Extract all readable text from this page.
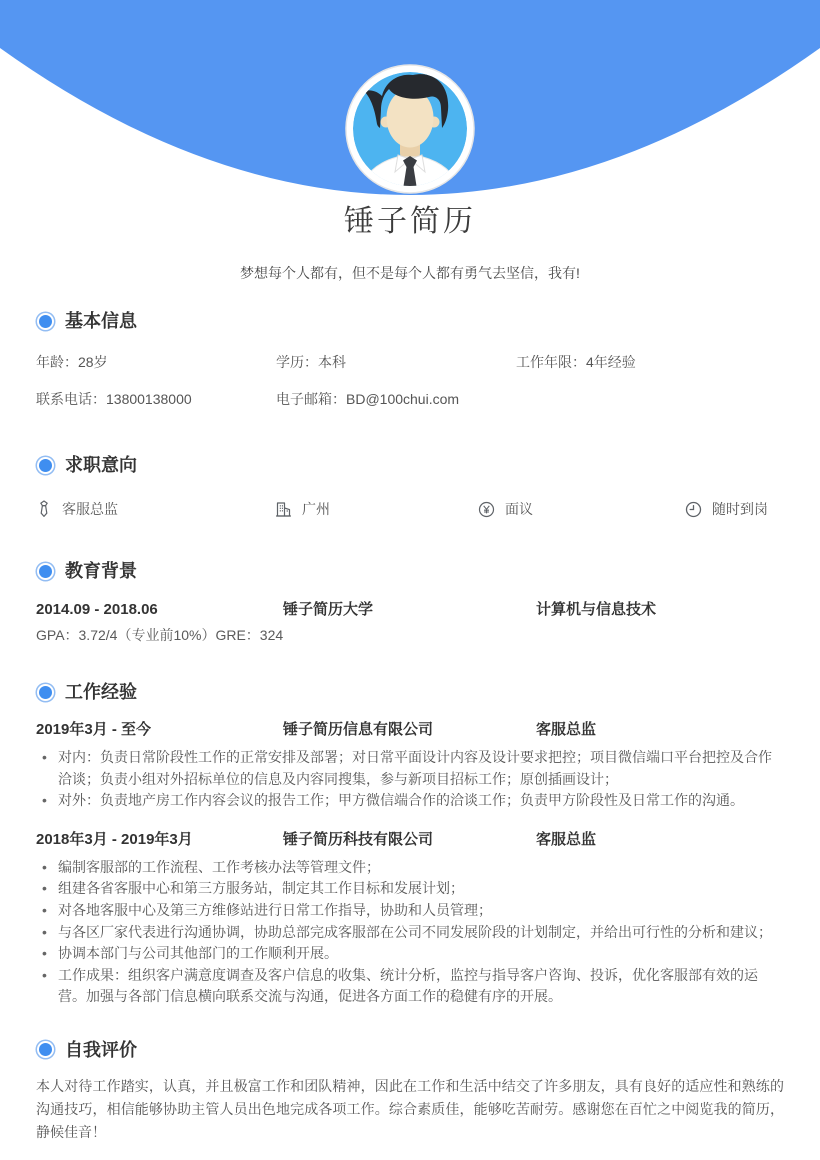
锤子简历
梦想每个人都有，但不是每个人都有勇气去坚信，我有!
基本信息
年龄：28岁	学历：本科	工作年限：4年经验
联系电话：13800138000	电子邮箱：BD@100chui.com
求职意向
客服总监	广州	面议	随时到岗
教育背景
2014.09 - 2018.06	锤子简历大学	计算机与信息技术
GPA：3.72/4（专业前10%）GRE：324
工作经验
2019年3月 - 至今	锤子简历信息有限公司	客服总监
• 对内：负责日常阶段性工作的正常安排及部署；对日常平面设计内容及设计要求把控；项目微信端口平台把控及合作洽谈；负责小组对外招标单位的信息及内容同搜集，参与新项目招标工作；原创插画设计；
• 对外：负责地产房工作内容会议的报告工作；甲方微信端合作的洽谈工作；负责甲方阶段性及日常工作的沟通。
2018年3月 - 2019年3月	锤子简历科技有限公司	客服总监
• 编制客服部的工作流程、工作考核办法等管理文件；
• 组建各省客服中心和第三方服务站，制定其工作目标和发展计划；
• 对各地客服中心及第三方维修站进行日常工作指导，协助和人员管理；
• 与各区厂家代表进行沟通协调，协助总部完成客服部在公司不同发展阶段的计划制定，并给出可行性的分析和建议；
• 协调本部门与公司其他部门的工作顺利开展。
• 工作成果：组织客户满意度调查及客户信息的收集、统计分析，监控与指导客户咨询、投诉，优化客服部有效的运营。加强与各部门信息横向联系交流与沟通，促进各方面工作的稳健有序的开展。
自我评价

本人对待工作踏实，认真，并且极富工作和团队精神，因此在工作和生活中结交了许多朋友，具有良好的适应性和熟练的沟通技巧，相信能够协助主管人员出色地完成各项工作。综合素质佳，能够吃苦耐劳。感谢您在百忙之中阅览我的简历，静候佳音！
